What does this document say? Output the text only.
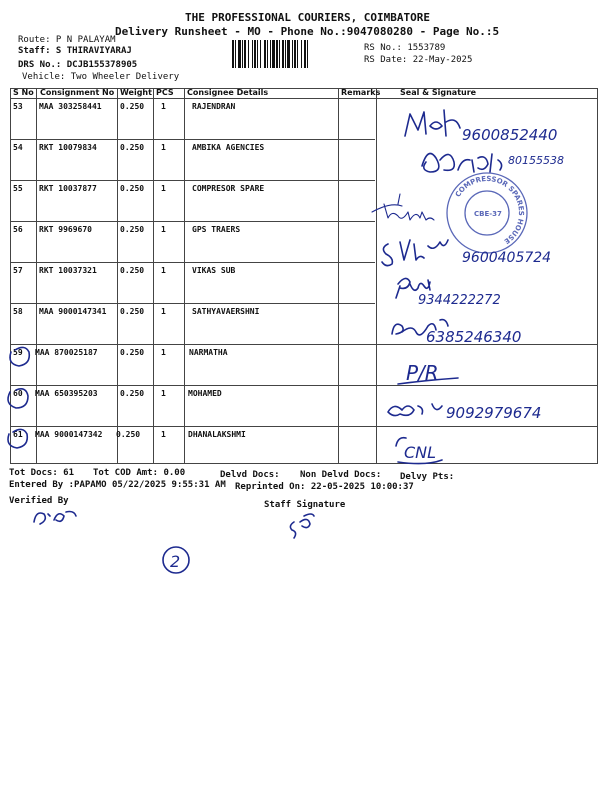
THE PROFESSIONAL COURIERS, COIMBATORE
Delivery Runsheet - MO - Phone No.:9047080280 - Page No.:5
Route: P N PALAYAM
Staff: S THIRAVIYARAJ
DRS No.: DCJB155378905
Vehicle: Two Wheeler Delivery
RS No.: 1553789
RS Date: 22-May-2025
S No Consignment No Weight PCS Consignee Details	Remarks Seal & Signature
53 MAA 303258441 0.250 1	RAJENDRAN
54 RKT 10079834	0.250 1	AMBIKA AGENCIES
55 RKT 10037877	0.250 1	COMPRESOR SPARE
56 RKT 9969670	0.250 1	GPS TRAERS
57 RKT 10037321	0.250 1	VIKAS SUB
58 MAA 9000147341 0.250 1	SATHYAVAERSHNI
59 MAA 870025187	0.250 1	NARMATHA
60 MAA 650395203	0.250 1	MOHAMED
61 MAA 9000147342 0.250	1	DHANALAKSHMI
Tot Docs: 61 Tot COD Amt: 0.00	Delvd Docs: Non Delvd Docs: Delvy Pts:
Entered By :PAPAMO 05/22/2025 9:55:31 AM Reprinted On: 22-05-2025 10:00:37
Verified By	Staff Signature
9600852440
80155538
COMPRESSOR SPARES HOUSE
CBE-37
9600405724
9344222272
6385246340
P/R
9092979674
CNL
2
